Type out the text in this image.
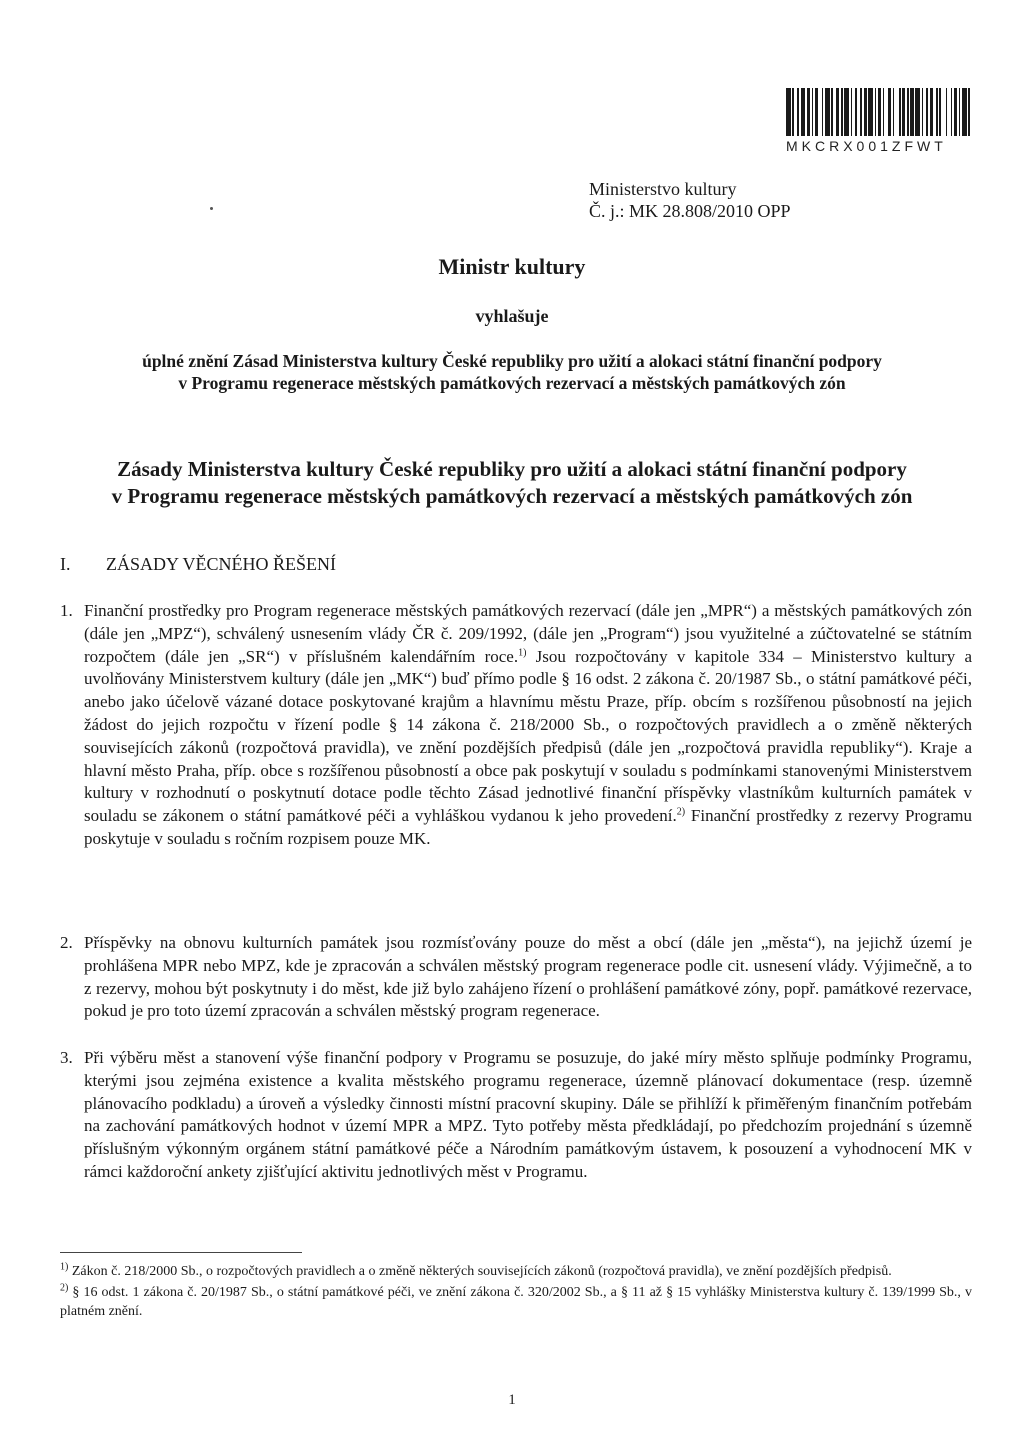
MKCRX001ZFWT
Ministerstvo kultury
Č. j.: MK 28.808/2010 OPP
Ministr kultury
vyhlašuje
úplné znění Zásad Ministerstva kultury České republiky pro užití a alokaci státní finanční podpory
v Programu regenerace městských památkových rezervací a městských památkových zón
Zásady Ministerstva kultury České republiky pro užití a alokaci státní finanční podpory
v Programu regenerace městských památkových rezervací a městských památkových zón
I. ZÁSADY VĚCNÉHO ŘEŠENÍ
1. Finanční prostředky pro Program regenerace městských památkových rezervací (dále jen „MPR“) a městských památkových zón (dále jen „MPZ“), schválený usnesením vlády ČR č. 209/1992, (dále jen „Program“) jsou využitelné a zúčtovatelné se státním rozpočtem (dále jen „SR“) v příslušném kalendářním roce.$^{1)}$ Jsou rozpočtovány v kapitole 334 – Ministerstvo kultury a uvolňovány Ministerstvem kultury (dále jen „MK“) buď přímo podle § 16 odst. 2 zákona č. 20/1987 Sb., o státní památkové péči, anebo jako účelově vázané dotace poskytované krajům a hlavnímu městu Praze, příp. obcím s rozšířenou působností na jejich žádost do jejich rozpočtu v řízení podle § 14 zákona č. 218/2000 Sb., o rozpočtových pravidlech a o změně některých souvisejících zákonů (rozpočtová pravidla), ve znění pozdějších předpisů (dále jen „rozpočtová pravidla republiky“). Kraje a hlavní město Praha, příp. obce s rozšířenou působností a obce pak poskytují v souladu s podmínkami stanovenými Ministerstvem kultury v rozhodnutí o poskytnutí dotace podle těchto Zásad jednotlivé finanční příspěvky vlastníkům kulturních památek v souladu se zákonem o státní památkové péči a vyhláškou vydanou k jeho provedení.$^{2)}$ Finanční prostředky z rezervy Programu poskytuje v souladu s ročním rozpisem pouze MK.
2. Příspěvky na obnovu kulturních památek jsou rozmísťovány pouze do měst a obcí (dále jen „města“), na jejichž území je prohlášena MPR nebo MPZ, kde je zpracován a schválen městský program regenerace podle cit. usnesení vlády. Výjimečně, a to z rezervy, mohou být poskytnuty i do měst, kde již bylo zahájeno řízení o prohlášení památkové zóny, popř. památkové rezervace, pokud je pro toto území zpracován a schválen městský program regenerace.
3. Při výběru měst a stanovení výše finanční podpory v Programu se posuzuje, do jaké míry město splňuje podmínky Programu, kterými jsou zejména existence a kvalita městského programu regenerace, územně plánovací dokumentace (resp. územně plánovacího podkladu) a úroveň a výsledky činnosti místní pracovní skupiny. Dále se přihlíží k přiměřeným finančním potřebám na zachování památkových hodnot v území MPR a MPZ. Tyto potřeby města předkládají, po předchozím projednání s územně příslušným výkonným orgánem státní památkové péče a Národním památkovým ústavem, k posouzení a vyhodnocení MK v rámci každoroční ankety zjišťující aktivitu jednotlivých měst v Programu.

$^{1)}$ Zákon č. 218/2000 Sb., o rozpočtových pravidlech a o změně některých souvisejících zákonů (rozpočtová pravidla), ve znění pozdějších předpisů.

$^{2)}$ § 16 odst. 1 zákona č. 20/1987 Sb., o státní památkové péči, ve znění zákona č. 320/2002 Sb., a § 11 až § 15 vyhlášky Ministerstva kultury č. 139/1999 Sb., v platném znění.

1
